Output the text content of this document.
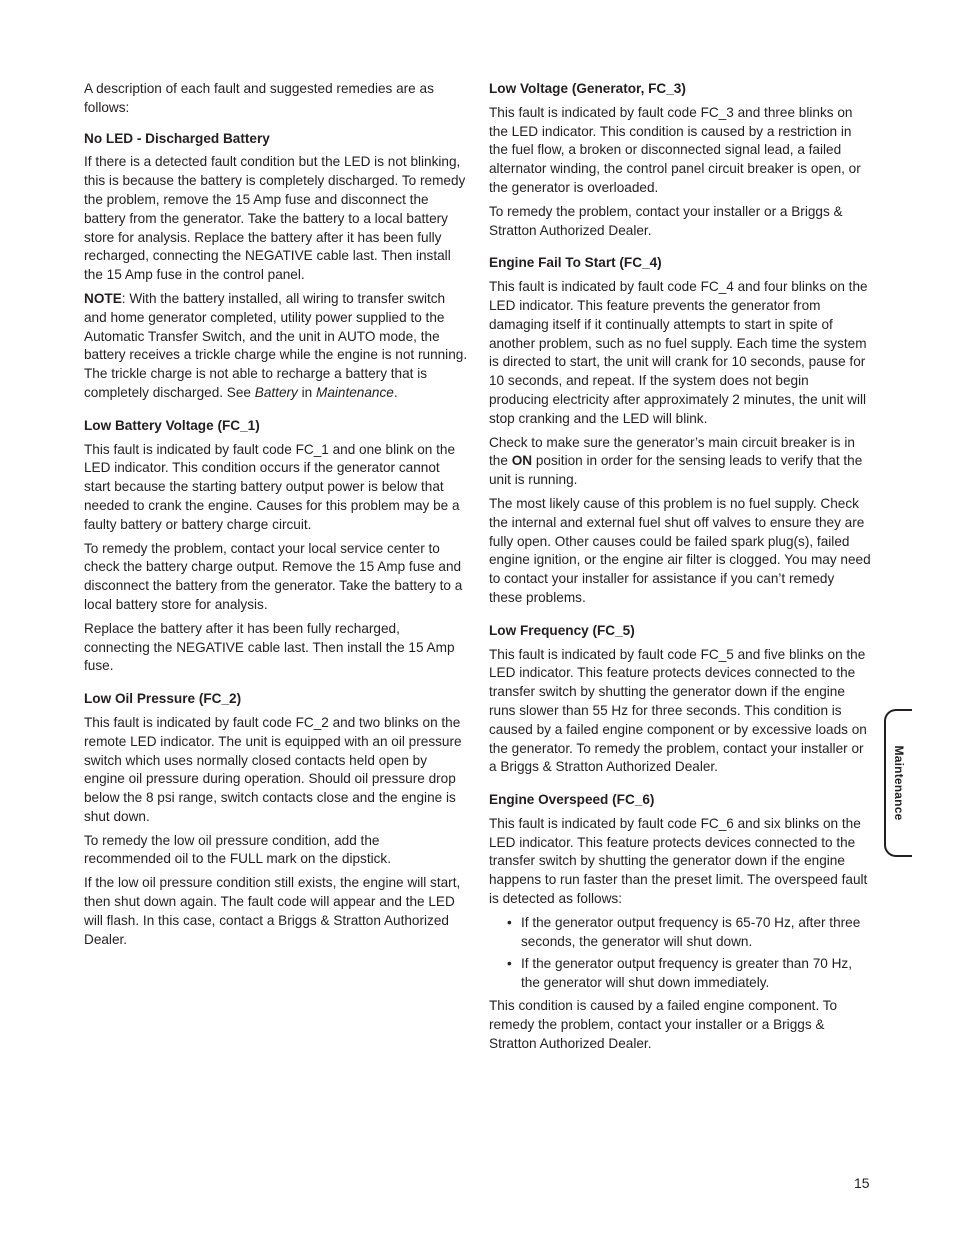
A description of each fault and suggested remedies are as follows:

No LED - Discharged Battery

If there is a detected fault condition but the LED is not blinking, this is because the battery is completely discharged. To remedy the problem, remove the 15 Amp fuse and disconnect the battery from the generator. Take the battery to a local battery store for analysis. Replace the battery after it has been fully recharged, connecting the NEGATIVE cable last. Then install the 15 Amp fuse in the control panel.

NOTE: With the battery installed, all wiring to transfer switch and home generator completed, utility power supplied to the Automatic Transfer Switch, and the unit in AUTO mode, the battery receives a trickle charge while the engine is not running. The trickle charge is not able to recharge a battery that is completely discharged. See Battery in Maintenance.

Low Battery Voltage (FC_1)

This fault is indicated by fault code FC_1 and one blink on the LED indicator. This condition occurs if the generator cannot start because the starting battery output power is below that needed to crank the engine. Causes for this problem may be a faulty battery or battery charge circuit.

To remedy the problem, contact your local service center to check the battery charge output. Remove the 15 Amp fuse and disconnect the battery from the generator. Take the battery to a local battery store for analysis.

Replace the battery after it has been fully recharged, connecting the NEGATIVE cable last. Then install the 15 Amp fuse.

Low Oil Pressure (FC_2)

This fault is indicated by fault code FC_2 and two blinks on the remote LED indicator. The unit is equipped with an oil pressure switch which uses normally closed contacts held open by engine oil pressure during operation. Should oil pressure drop below the 8 psi range, switch contacts close and the engine is shut down.

To remedy the low oil pressure condition, add the recommended oil to the FULL mark on the dipstick.

If the low oil pressure condition still exists, the engine will start, then shut down again. The fault code will appear and the LED will flash. In this case, contact a Briggs & Stratton Authorized Dealer.

Low Voltage (Generator, FC_3)

This fault is indicated by fault code FC_3 and three blinks on the LED indicator. This condition is caused by a restriction in the fuel flow, a broken or disconnected signal lead, a failed alternator winding, the control panel circuit breaker is open, or the generator is overloaded.

To remedy the problem, contact your installer or a Briggs & Stratton Authorized Dealer.

Engine Fail To Start (FC_4)

This fault is indicated by fault code FC_4 and four blinks on the LED indicator. This feature prevents the generator from damaging itself if it continually attempts to start in spite of another problem, such as no fuel supply. Each time the system is directed to start, the unit will crank for 10 seconds, pause for 10 seconds, and repeat. If the system does not begin producing electricity after approximately 2 minutes, the unit will stop cranking and the LED will blink.

Check to make sure the generator’s main circuit breaker is in the ON position in order for the sensing leads to verify that the unit is running.

The most likely cause of this problem is no fuel supply. Check the internal and external fuel shut off valves to ensure they are fully open. Other causes could be failed spark plug(s), failed engine ignition, or the engine air filter is clogged. You may need to contact your installer for assistance if you can’t remedy these problems.

Low Frequency (FC_5)

This fault is indicated by fault code FC_5 and five blinks on the LED indicator. This feature protects devices connected to the transfer switch by shutting the generator down if the engine runs slower than 55 Hz for three seconds. This condition is caused by a failed engine component or by excessive loads on the generator. To remedy the problem, contact your installer or a Briggs & Stratton Authorized Dealer.

Engine Overspeed (FC_6)

This fault is indicated by fault code FC_6 and six blinks on the LED indicator. This feature protects devices connected to the transfer switch by shutting the generator down if the engine happens to run faster than the preset limit. The overspeed fault is detected as follows:

• If the generator output frequency is 65-70 Hz, after three seconds, the generator will shut down.
• If the generator output frequency is greater than 70 Hz, the generator will shut down immediately.

This condition is caused by a failed engine component. To remedy the problem, contact your installer or a Briggs & Stratton Authorized Dealer.

Maintenance
15
